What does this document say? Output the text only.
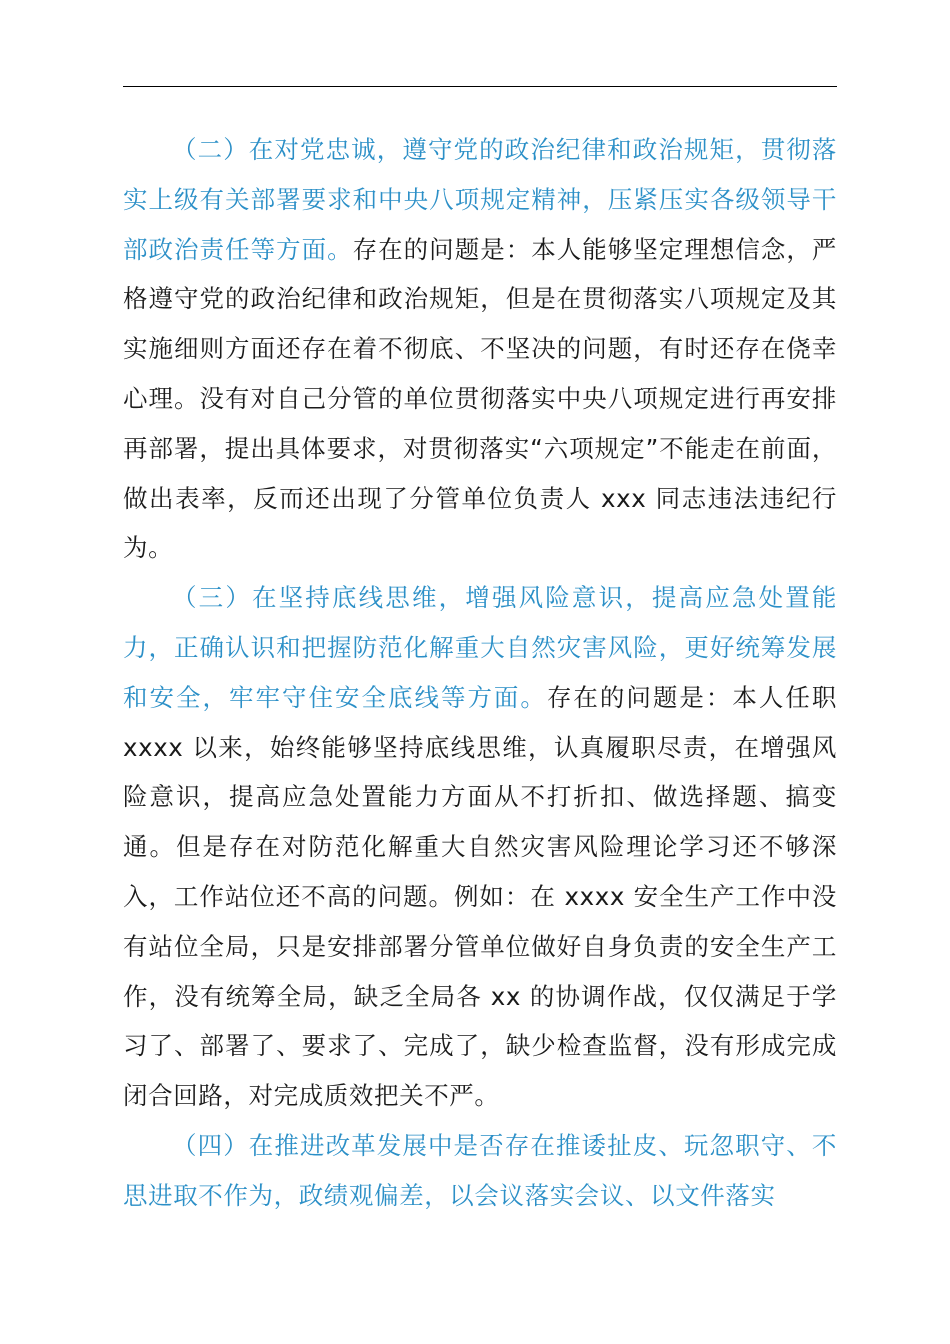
（二）在对党忠诚，遵守党的政治纪律和政治规矩，贯彻落实上级有关部署要求和中央八项规定精神，压紧压实各级领导干部政治责任等方面。存在的问题是：本人能够坚定理想信念，严格遵守党的政治纪律和政治规矩，但是在贯彻落实八项规定及其实施细则方面还存在着不彻底、不坚决的问题，有时还存在侥幸心理。没有对自己分管的单位贯彻落实中央八项规定进行再安排再部署，提出具体要求，对贯彻落实“六项规定”不能走在前面，做出表率，反而还出现了分管单位负责人 xxx 同志违法违纪行为。

（三）在坚持底线思维，增强风险意识，提高应急处置能力，正确认识和把握防范化解重大自然灾害风险，更好统筹发展和安全，牢牢守住安全底线等方面。存在的问题是：本人任职 xxxx 以来，始终能够坚持底线思维，认真履职尽责，在增强风险意识，提高应急处置能力方面从不打折扣、做选择题、搞变通。但是存在对防范化解重大自然灾害风险理论学习还不够深入，工作站位还不高的问题。例如：在 xxxx 安全生产工作中没有站位全局，只是安排部署分管单位做好自身负责的安全生产工作，没有统筹全局，缺乏全局各 xx 的协调作战，仅仅满足于学习了、部署了、要求了、完成了，缺少检查监督，没有形成完成闭合回路，对完成质效把关不严。

（四）在推进改革发展中是否存在推诿扯皮、玩忽职守、不思进取不作为，政绩观偏差，以会议落实会议、以文件落实
